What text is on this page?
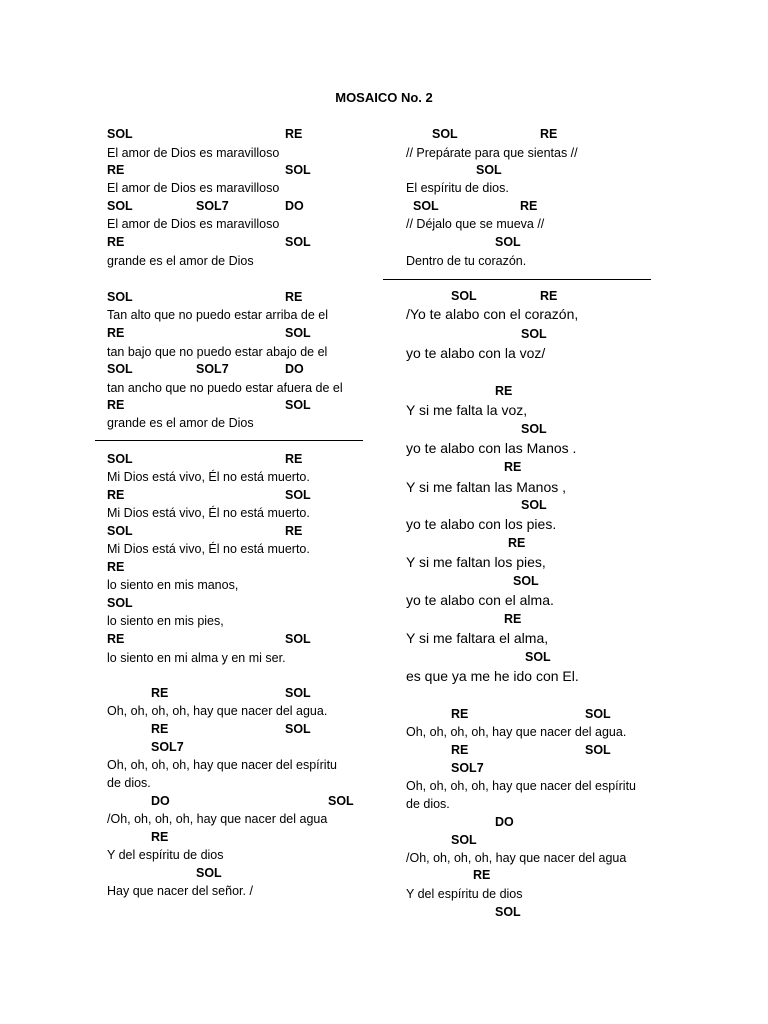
MOSAICO No. 2
SOL	RE
El amor de Dios es maravilloso
RE	SOL
El amor de Dios es maravilloso
SOL	SOL7	DO
El amor de Dios es maravilloso
RE	SOL
grande es el amor de Dios
SOL	RE
Tan alto que no puedo estar arriba de el
RE	SOL
tan bajo que no puedo estar abajo de el
SOL	SOL7	DO
tan ancho que no puedo estar afuera de el
RE	SOL
grande es el amor de Dios
SOL	RE
Mi Dios está vivo, Él no está muerto.
RE	SOL
Mi Dios está vivo, Él no está muerto.
SOL	RE
Mi Dios está vivo, Él no está muerto.
RE
lo siento en mis manos,
SOL
lo siento en mis pies,
RE	SOL
lo siento en mi alma y en mi ser.
RE	SOL
Oh, oh, oh, oh, hay que nacer del agua.
RE	SOL
SOL7
Oh, oh, oh, oh, hay que nacer del espíritu
de dios.
DO	SOL
/Oh, oh, oh, oh, hay que nacer del agua
RE
Y del espíritu de dios
SOL
Hay que nacer del señor. /
SOL	RE
// Prepárate para que sientas //
SOL
El espíritu de dios.
SOL	RE
// Déjalo que se mueva //
SOL
Dentro de tu corazón.
SOL	RE
/Yo te alabo con el corazón,
SOL
yo te alabo con la voz/
RE
Y si me falta la voz,
SOL
yo te alabo con las Manos .
RE
Y si me faltan las Manos ,
SOL
yo te alabo con los pies.
RE
Y si me faltan los pies,
SOL
yo te alabo con el alma.
RE
Y si me faltara el alma,
SOL
es que ya me he ido con El.
RE	SOL
Oh, oh, oh, oh, hay que nacer del agua.
RE	SOL
SOL7
Oh, oh, oh, oh, hay que nacer del espíritu
de dios.
DO
SOL
/Oh, oh, oh, oh, hay que nacer del agua
RE
Y del espíritu de dios
SOL
